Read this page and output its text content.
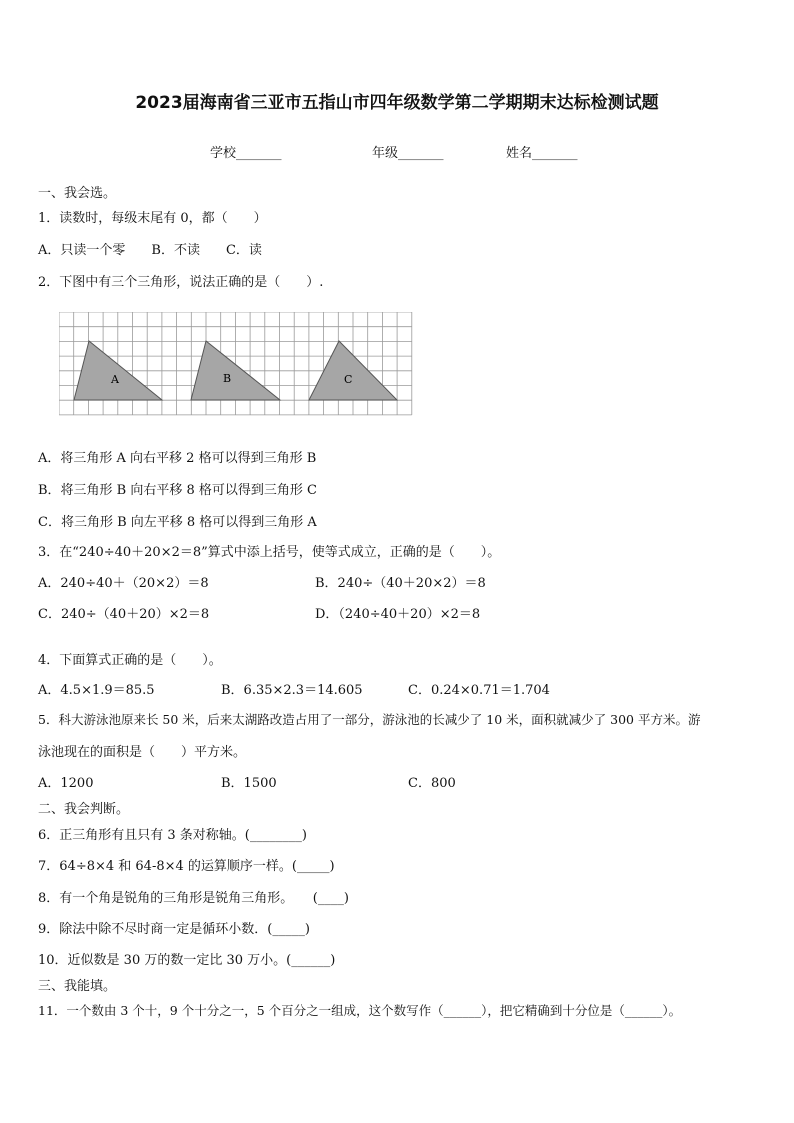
2023届海南省三亚市五指山市四年级数学第二学期期末达标检测试题
学校_______	年级_______	姓名_______
一、我会选。
1．读数时，每级末尾有 0，都（　　）
A．只读一个零　　B．不读　　C．读
2．下图中有三个三角形，说法正确的是（　　）.
A	B	C
A．将三角形 A 向右平移 2 格可以得到三角形 B
B．将三角形 B 向右平移 8 格可以得到三角形 C
C．将三角形 B 向左平移 8 格可以得到三角形 A
3．在“240÷40＋20×2＝8”算式中添上括号，使等式成立，正确的是（　　）。
A．240÷40＋（20×2）＝8	B．240÷（40＋20×2）＝8
C．240÷（40＋20）×2＝8	D．（240÷40＋20）×2＝8
4．下面算式正确的是（　　）。
A．4.5×1.9＝85.5	B．6.35×2.3＝14.605	C．0.24×0.71＝1.704
5．科大游泳池原来长 50 米，后来太湖路改造占用了一部分，游泳池的长减少了 10 米，面积就减少了 300 平方米。游
泳池现在的面积是（　　）平方米。
A．1200	B．1500	C．800
二、我会判断。
6．正三角形有且只有 3 条对称轴。(________)
7．64÷8×4 和 64-8×4 的运算顺序一样。(_____)
8．有一个角是锐角的三角形是锐角三角形。　　(____)
9．除法中除不尽时商一定是循环小数．(_____)
10．近似数是 30 万的数一定比 30 万小。(______)
三、我能填。
11．一个数由 3 个十，9 个十分之一，5 个百分之一组成，这个数写作（______），把它精确到十分位是（______）。
